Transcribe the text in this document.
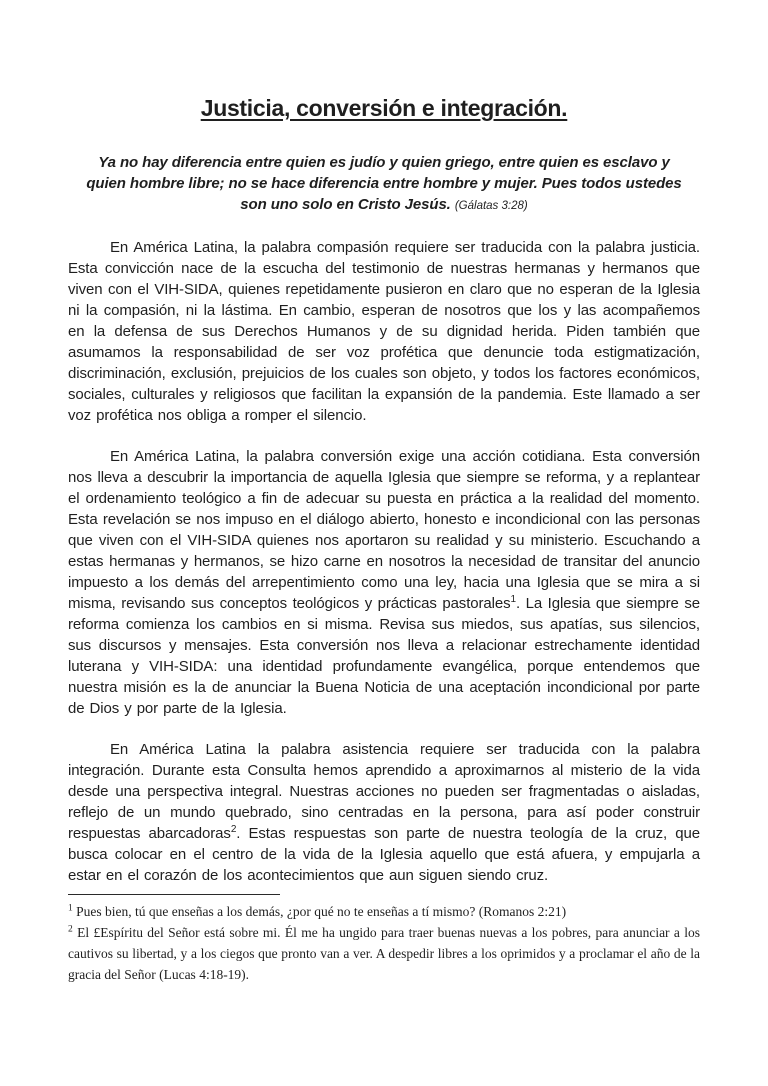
Justicia, conversión e integración.
Ya no hay diferencia entre quien es judío y quien griego, entre quien es esclavo y quien hombre libre; no se hace diferencia entre hombre y mujer. Pues todos ustedes son uno solo en Cristo Jesús. (Gálatas 3:28)

En América Latina, la palabra compasión requiere ser traducida con la palabra justicia. Esta convicción nace de la escucha del testimonio de nuestras hermanas y hermanos que viven con el VIH-SIDA, quienes repetidamente pusieron en claro que no esperan de la Iglesia ni la compasión, ni la lástima. En cambio, esperan de nosotros que los y las acompañemos en la defensa de sus Derechos Humanos y de su dignidad herida. Piden también que asumamos la responsabilidad de ser voz profética que denuncie toda estigmatización, discriminación, exclusión, prejuicios de los cuales son objeto, y todos los factores económicos, sociales, culturales y religiosos que facilitan la expansión de la pandemia. Este llamado a ser voz profética nos obliga a romper el silencio.

En América Latina, la palabra conversión exige una acción cotidiana. Esta conversión nos lleva a descubrir la importancia de aquella Iglesia que siempre se reforma, y a replantear el ordenamiento teológico a fin de adecuar su puesta en práctica a la realidad del momento. Esta revelación se nos impuso en el diálogo abierto, honesto e incondicional con las personas que viven con el VIH-SIDA quienes nos aportaron su realidad y su ministerio. Escuchando a estas hermanas y hermanos, se hizo carne en nosotros la necesidad de transitar del anuncio impuesto a los demás del arrepentimiento como una ley, hacia una Iglesia que se mira a si misma, revisando sus conceptos teológicos y prácticas pastorales$^1$. La Iglesia que siempre se reforma comienza los cambios en si misma. Revisa sus miedos, sus apatías, sus silencios, sus discursos y mensajes. Esta conversión nos lleva a relacionar estrechamente identidad luterana y VIH-SIDA: una identidad profundamente evangélica, porque entendemos que nuestra misión es la de anunciar la Buena Noticia de una aceptación incondicional por parte de Dios y por parte de la Iglesia.

En América Latina la palabra asistencia requiere ser traducida con la palabra integración. Durante esta Consulta hemos aprendido a aproximarnos al misterio de la vida desde una perspectiva integral. Nuestras acciones no pueden ser fragmentadas o aisladas, reflejo de un mundo quebrado, sino centradas en la persona, para así poder construir respuestas abarcadoras$^2$. Estas respuestas son parte de nuestra teología de la cruz, que busca colocar en el centro de la vida de la Iglesia aquello que está afuera, y empujarla a estar en el corazón de los acontecimientos que aun siguen siendo cruz.

$^1$ Pues bien, tú que enseñas a los demás, ¿por qué no te enseñas a tí mismo? (Romanos 2:21)
$^2$ El £Espíritu del Señor está sobre mi. Él me ha ungido para traer buenas nuevas a los pobres, para anunciar a los cautivos su libertad, y a los ciegos que pronto van a ver. A despedir libres a los oprimidos y a proclamar el año de la gracia del Señor (Lucas 4:18-19).
